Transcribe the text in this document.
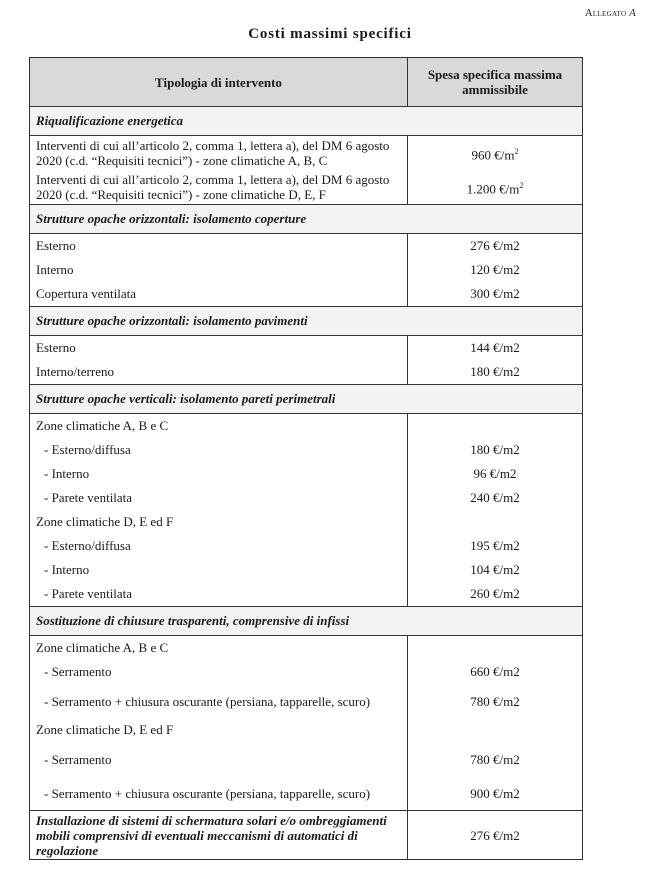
Allegato A
Costi massimi specifici
Tipologia di intervento	Spesa specifica massima ammissibile
Riqualificazione energetica	
Interventi di cui all’articolo 2, comma 1, lettera a), del DM 6 agosto 2020 (c.d. “Requisiti tecnici”) - zone climatiche A, B, C	960 $€/m^2$
Interventi di cui all’articolo 2, comma 1, lettera a), del DM 6 agosto 2020 (c.d. “Requisiti tecnici”) - zone climatiche D, E, F	1.200 $€/m^2$
Strutture opache orizzontali: isolamento coperture	
Esterno	276 €/m2
Interno	120 €/m2
Copertura ventilata	300 €/m2
Strutture opache orizzontali: isolamento pavimenti	
Esterno	144 €/m2
Interno/terreno	180 €/m2
Strutture opache verticali: isolamento pareti perimetrali	
Zone climatiche A, B e C	
- Esterno/diffusa	180 €/m2
- Interno	96 €/m2
- Parete ventilata	240 €/m2
Zone climatiche D, E ed F	
- Esterno/diffusa	195 €/m2
- Interno	104 €/m2
- Parete ventilata	260 €/m2
Sostituzione di chiusure trasparenti, comprensive di infissi	
Zone climatiche A, B e C	
- Serramento	660 €/m2
- Serramento + chiusura oscurante (persiana, tapparelle, scuro)	780 €/m2
Zone climatiche D, E ed F	
- Serramento	780 €/m2
- Serramento + chiusura oscurante (persiana, tapparelle, scuro)	900 €/m2
Installazione di sistemi di schermatura solari e/o ombreggiamenti mobili comprensivi di eventuali meccanismi di automatici di regolazione	276 €/m2
